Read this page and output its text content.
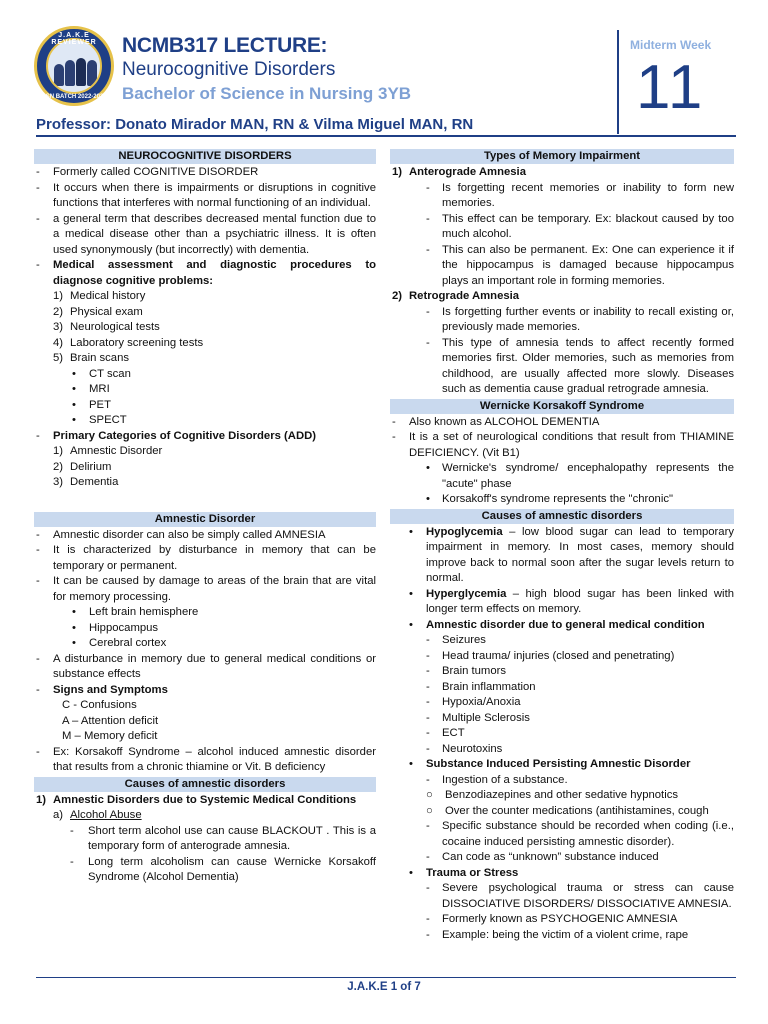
J.A.K.E REVIEWER
BSN BATCH 2022-2023
NCMB317 LECTURE:
Neurocognitive Disorders
Bachelor of Science in Nursing 3YB
Professor: Donato Mirador MAN, RN & Vilma Miguel MAN, RN
Midterm Week
11
NEUROCOGNITIVE DISORDERS
- Formerly called COGNITIVE DISORDER
- It occurs when there is impairments or disruptions in cognitive functions that interferes with normal functioning of an individual.
- a general term that describes decreased mental function due to a medical disease other than a psychiatric illness. It is often used synonymously (but incorrectly) with dementia.
- Medical assessment and diagnostic procedures to diagnose cognitive problems:
1) Medical history
2) Physical exam
3) Neurological tests
4) Laboratory screening tests
5) Brain scans
• CT scan
• MRI
• PET
• SPECT
- Primary Categories of Cognitive Disorders (ADD)
1) Amnestic Disorder
2) Delirium
3) Dementia
Amnestic Disorder
- Amnestic disorder can also be simply called AMNESIA
- It is characterized by disturbance in memory that can be temporary or permanent.
- It can be caused by damage to areas of the brain that are vital for memory processing.
• Left brain hemisphere
• Hippocampus
• Cerebral cortex
- A disturbance in memory due to general medical conditions or substance effects
- Signs and Symptoms
C - Confusions
A – Attention deficit
M – Memory deficit
- Ex: Korsakoff Syndrome – alcohol induced amnestic disorder that results from a chronic thiamine or Vit. B deficiency
Causes of amnestic disorders
1) Amnestic Disorders due to Systemic Medical Conditions
a) Alcohol Abuse
- Short term alcohol use can cause BLACKOUT . This is a temporary form of anterograde amnesia.
- Long term alcoholism can cause Wernicke Korsakoff Syndrome (Alcohol Dementia)
Types of Memory Impairment
1) Anterograde Amnesia
- Is forgetting recent memories or inability to form new memories.
- This effect can be temporary. Ex: blackout caused by too much alcohol.
- This can also be permanent. Ex: One can experience it if the hippocampus is damaged because hippocampus plays an important role in forming memories.
2) Retrograde Amnesia
- Is forgetting further events or inability to recall existing or, previously made memories.
- This type of amnesia tends to affect recently formed memories first. Older memories, such as memories from childhood, are usually affected more slowly. Diseases such as dementia cause gradual retrograde amnesia.
Wernicke Korsakoff Syndrome
- Also known as ALCOHOL DEMENTIA
- It is a set of neurological conditions that result from THIAMINE DEFICIENCY. (Vit B1)
• Wernicke's syndrome/ encephalopathy represents the "acute" phase
• Korsakoff's syndrome represents the "chronic"
Causes of amnestic disorders
• Hypoglycemia – low blood sugar can lead to temporary impairment in memory. In most cases, memory should improve back to normal soon after the sugar levels return to normal.
• Hyperglycemia – high blood sugar has been linked with longer term effects on memory.
• Amnestic disorder due to general medical condition
- Seizures
- Head trauma/ injuries (closed and penetrating)
- Brain tumors
- Brain inflammation
- Hypoxia/Anoxia
- Multiple Sclerosis
- ECT
- Neurotoxins
• Substance Induced Persisting Amnestic Disorder
- Ingestion of a substance.
○ Benzodiazepines and other sedative hypnotics
○ Over the counter medications (antihistamines, cough
- Specific substance should be recorded when coding (i.e., cocaine induced persisting amnestic disorder).
- Can code as “unknown” substance induced
• Trauma or Stress
- Severe psychological trauma or stress can cause DISSOCIATIVE DISORDERS/ DISSOCIATIVE AMNESIA.
- Formerly known as PSYCHOGENIC AMNESIA
- Example: being the victim of a violent crime, rape
J.A.K.E 1 of 7
